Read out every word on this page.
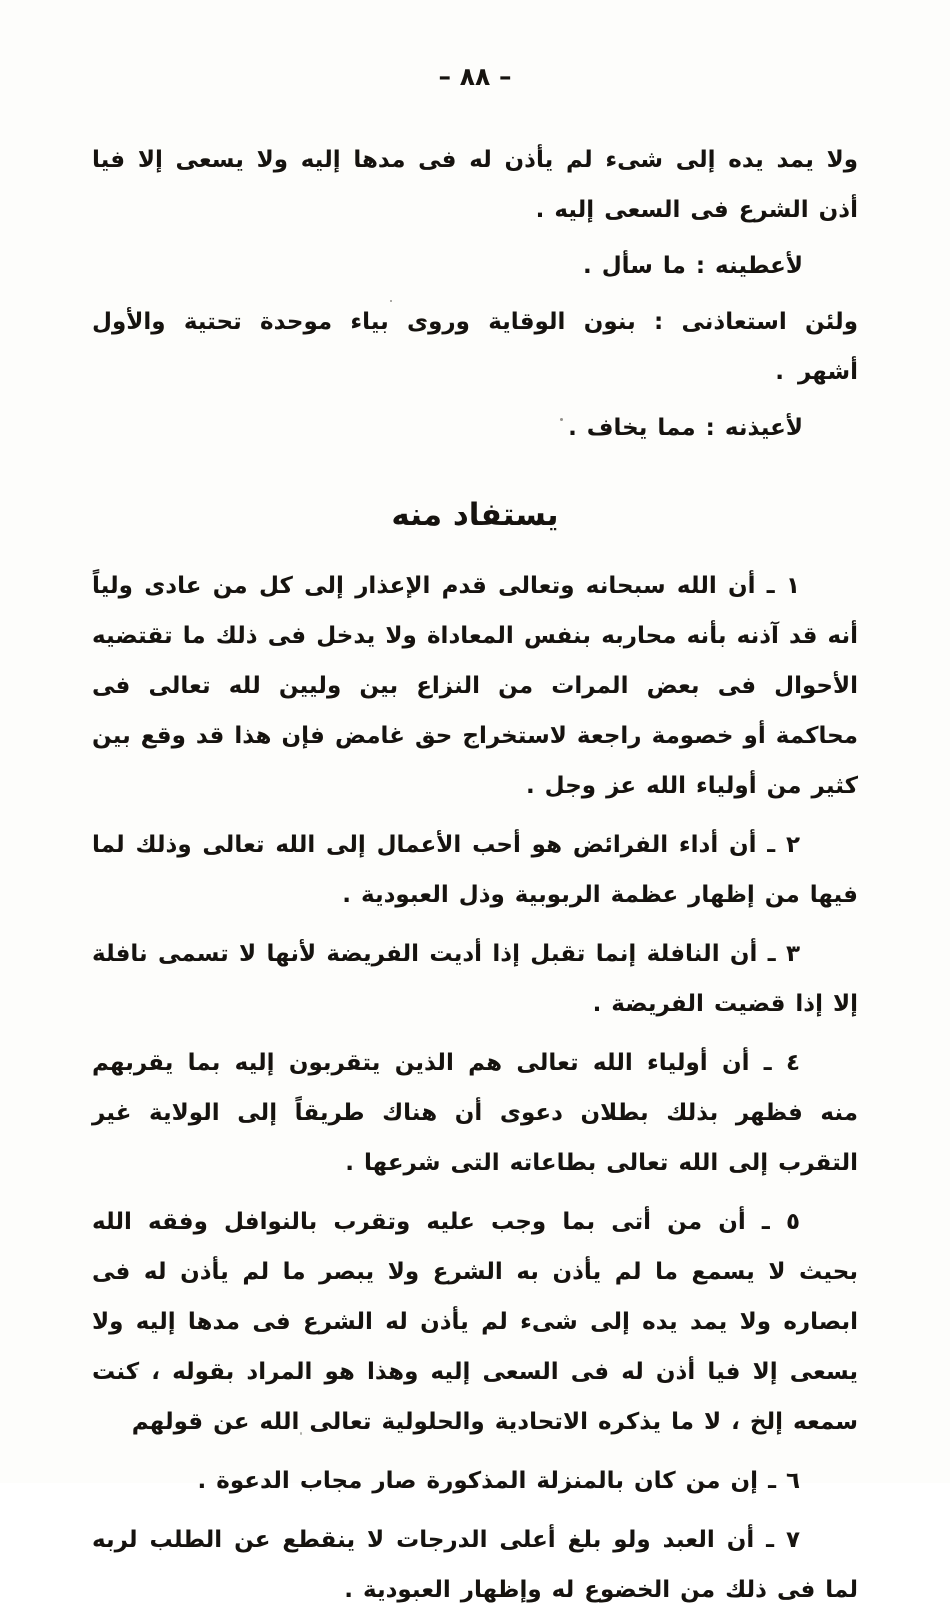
– ٨٨ –

ولا يمد يده إلى شىء لم يأذن له فى مدها إليه ولا يسعى إلا فيا أذن الشرع فى السعى إليه .

لأعطينه : ما سأل .

ولئن استعاذنى : بنون الوقاية وروى بياء موحدة تحتية والأول أشهر .

لأعيذنه : مما يخاف .

يستفاد منه

١ ـ أن الله سبحانه وتعالى قدم الإعذار إلى كل من عادى ولياً أنه قد آذنه بأنه محاربه بنفس المعاداة ولا يدخل فى ذلك ما تقتضيه الأحوال فى بعض المرات من النزاع بين وليين لله تعالى فى محاكمة أو خصومة راجعة لاستخراج حق غامض فإن هذا قد وقع بين كثير من أولياء الله عز وجل .

٢ ـ أن أداء الفرائض هو أحب الأعمال إلى الله تعالى وذلك لما فيها من إظهار عظمة الربوبية وذل العبودية .

٣ ـ أن النافلة إنما تقبل إذا أديت الفريضة لأنها لا تسمى نافلة إلا إذا قضيت الفريضة .

٤ ـ أن أولياء الله تعالى هم الذين يتقربون إليه بما يقربهم منه فظهر بذلك بطلان دعوى أن هناك طريقاً إلى الولاية غير التقرب إلى الله تعالى بطاعاته التى شرعها .

٥ ـ أن من أتى بما وجب عليه وتقرب بالنوافل وفقه الله بحيث لا يسمع ما لم يأذن به الشرع ولا يبصر ما لم يأذن له فى ابصاره ولا يمد يده إلى شىء لم يأذن له الشرع فى مدها إليه ولا يسعى إلا فيا أذن له فى السعى إليه وهذا هو المراد بقوله ، كنت سمعه إلخ ، لا ما يذكره الاتحادية والحلولية تعالى الله عن قولهم

٦ ـ إن من كان بالمنزلة المذكورة صار مجاب الدعوة .

٧ ـ أن العبد ولو بلغ أعلى الدرجات لا ينقطع عن الطلب لربه لما فى ذلك من الخضوع له وإظهار العبودية .
